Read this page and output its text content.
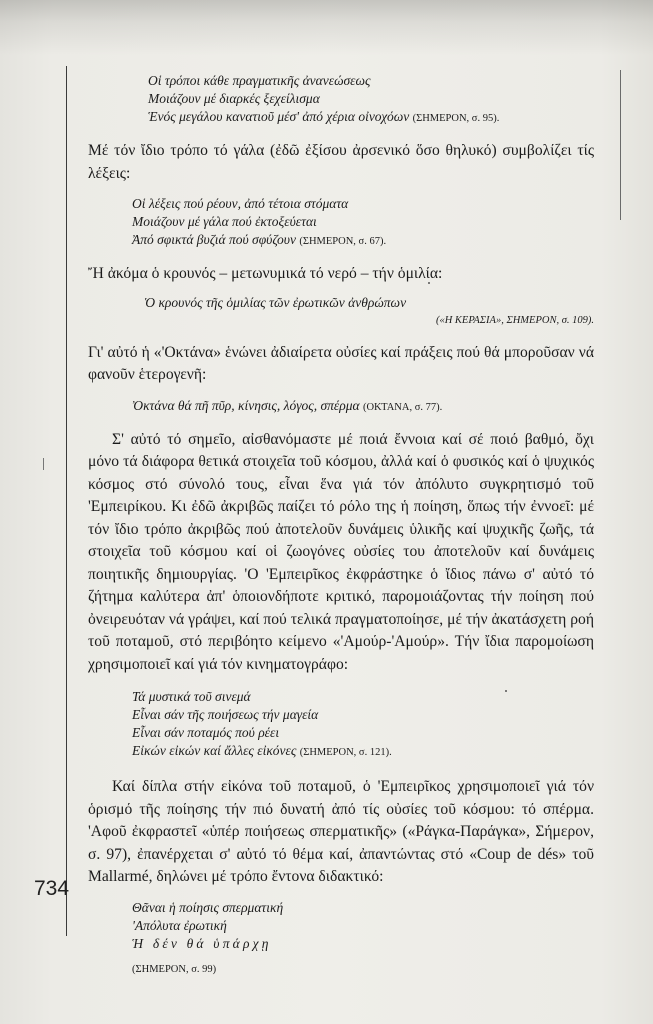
Οἱ τρόποι κάθε πραγματικῆς ἀνανεώσεως

Μοιάζουν μέ διαρκές ξεχείλισμα

Ἑνός μεγάλου κανατιοῦ μέσ' ἀπό χέρια οἰνοχόων (ΣΗΜΕΡΟΝ, σ. 95).

Μέ τόν ἴδιο τρόπο τό γάλα (ἐδῶ ἐξίσου ἀρσενικό ὅσο θηλυκό) συμβολίζει τίς λέξεις:

Οἱ λέξεις πού ρέουν, ἀπό τέτοια στόματα

Μοιάζουν μέ γάλα πού ἐκτοξεύεται

Ἀπό σφικτά βυζιά πού σφύζουν (ΣΗΜΕΡΟΝ, σ. 67).

Ἤ ἀκόμα ὁ κρουνός – μετωνυμικά τό νερό – τήν ὁμιλία:

Ὁ κρουνός τῆς ὁμιλίας τῶν ἐρωτικῶν ἀνθρώπων

(«Η ΚΕΡΑΣΙΑ», ΣΗΜΕΡΟΝ, σ. 109).

Γι' αὐτό ἡ «'Οκτάνα» ἑνώνει ἀδιαίρετα οὐσίες καί πράξεις πού θά μποροῦσαν νά φανοῦν ἑτερογενῆ:

Ὀκτάνα θά πῆ πῦρ, κίνησις, λόγος, σπέρμα (ΟΚΤΑΝΑ, σ. 77).

Σ' αὐτό τό σημεῖο, αἰσθανόμαστε μέ ποιά ἔννοια καί σέ ποιό βαθμό, ὄχι μόνο τά διάφορα θετικά στοιχεῖα τοῦ κόσμου, ἀλλά καί ὁ φυσικός καί ὁ ψυχικός κόσμος στό σύνολό τους, εἶναι ἕνα γιά τόν ἀπόλυτο συγκρητισμό τοῦ 'Εμπειρίκου. Κι ἐδῶ ἀκριβῶς παίζει τό ρόλο της ἡ ποίηση, ὅπως τήν ἐννοεῖ: μέ τόν ἴδιο τρόπο ἀκριβῶς πού ἀποτελοῦν δυνάμεις ὑλικῆς καί ψυχικῆς ζωῆς, τά στοιχεῖα τοῦ κόσμου καί οἱ ζωογόνες οὐσίες του ἀποτελοῦν καί δυνάμεις ποιητικῆς δημιουργίας. 'Ο 'Εμπειρῖκος ἐκφράστηκε ὁ ἴδιος πάνω σ' αὐτό τό ζήτημα καλύτερα ἀπ' ὁποιονδήποτε κριτικό, παρομοιάζοντας τήν ποίηση πού ὀνειρευόταν νά γράψει, καί πού τελικά πραγματοποίησε, μέ τήν ἀκατάσχετη ροή τοῦ ποταμοῦ, στό περιβόητο κείμενο «'Αμούρ-'Αμούρ». Τήν ἴδια παρομοίωση χρησιμοποιεῖ καί γιά τόν κινηματογράφο:

Τά μυστικά τοῦ σινεμά

Εἶναι σάν τῆς ποιήσεως τήν μαγεία

Εἶναι σάν ποταμός πού ρέει

Εἰκών εἰκών καί ἄλλες εἰκόνες (ΣΗΜΕΡΟΝ, σ. 121).

Καί δίπλα στήν εἰκόνα τοῦ ποταμοῦ, ὁ 'Εμπειρῖκος χρησιμοποιεῖ γιά τόν ὁρισμό τῆς ποίησης τήν πιό δυνατή ἀπό τίς οὐσίες τοῦ κόσμου: τό σπέρμα. 'Αφοῦ ἐκφραστεῖ «ὑπέρ ποιήσεως σπερματικῆς» («Ράγκα-Παράγκα», Σήμερον, σ. 97), ἐπανέρχεται σ' αὐτό τό θέμα καί, ἀπαντώντας στό «Coup de dés» τοῦ Mallarmé, δηλώνει μέ τρόπο ἔντονα διδακτικό:

Θᾶναι ἡ ποίησις σπερματική

'Απόλυτα ἐρωτική

Ἡ δέν θά ὑπάρχῃ

(ΣΗΜΕΡΟΝ, σ. 99)

734
